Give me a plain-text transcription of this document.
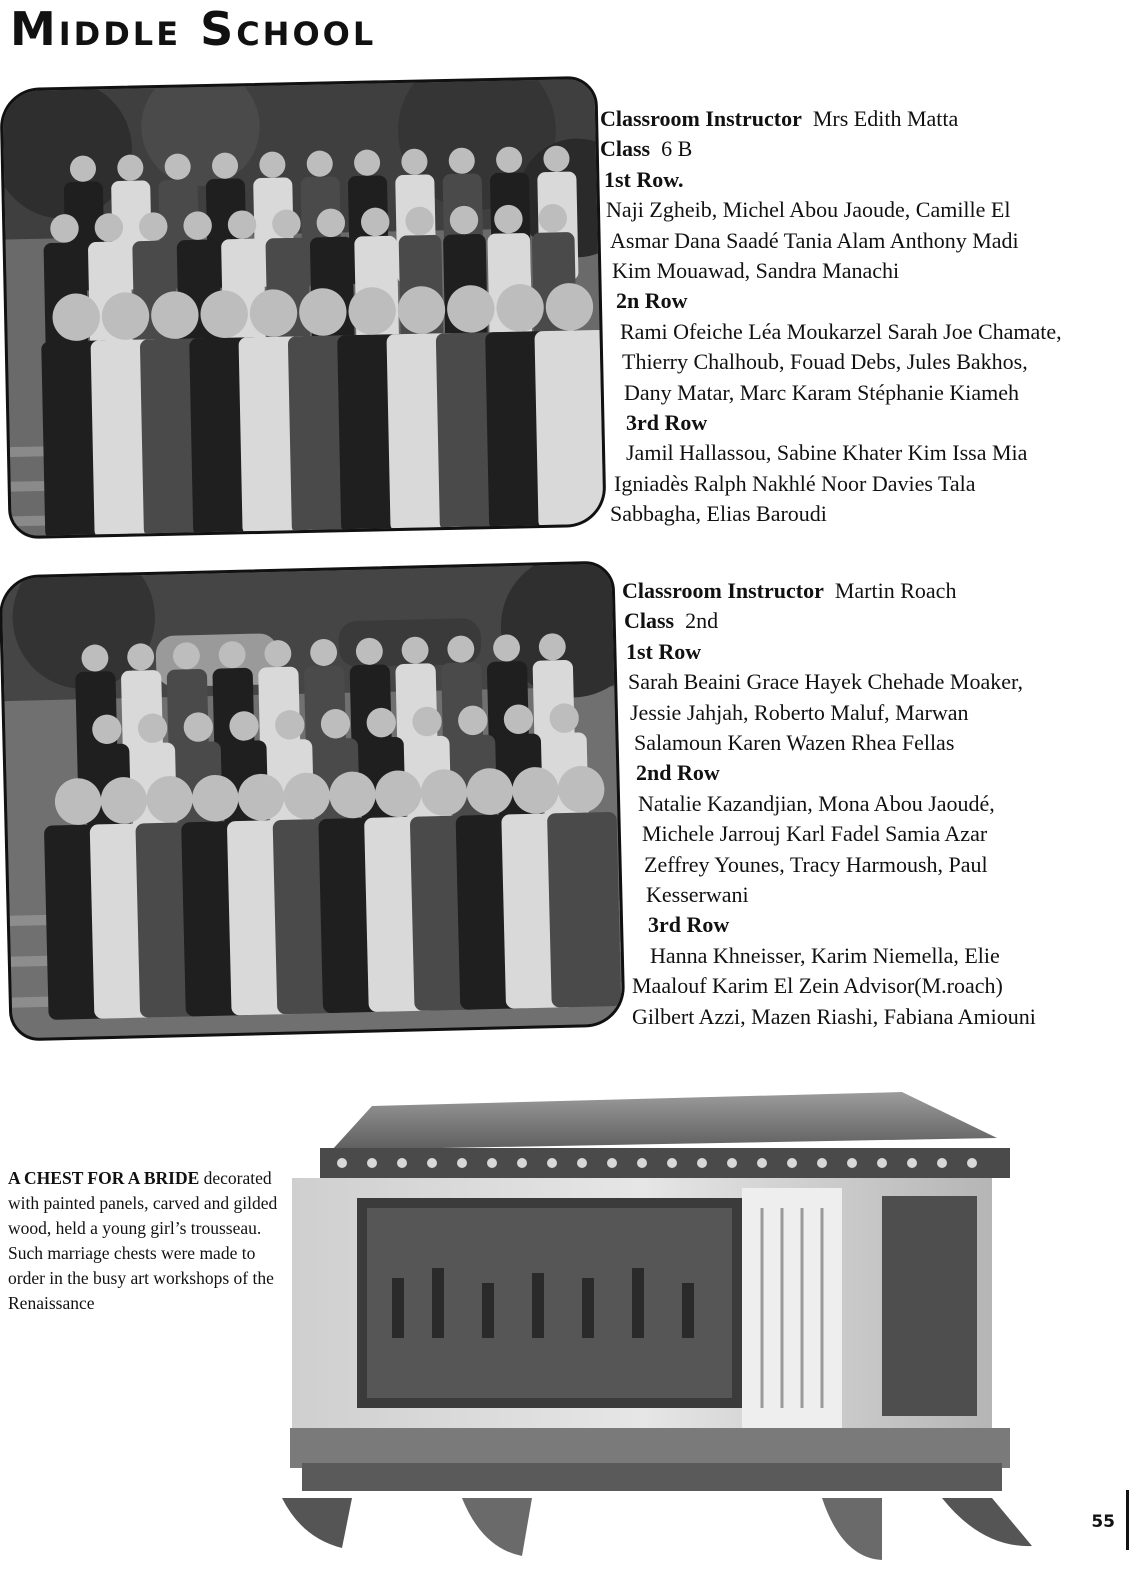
Middle School
Classroom Instructor Mrs Edith Matta
Class 6 B
1st Row.
Naji Zgheib, Michel Abou Jaoude, Camille El
Asmar Dana Saadé Tania Alam Anthony Madi
Kim Mouawad, Sandra Manachi
2n Row
Rami Ofeiche Léa Moukarzel Sarah Joe Chamate,
Thierry Chalhoub, Fouad Debs, Jules Bakhos,
Dany Matar, Marc Karam Stéphanie Kiameh
3rd Row
Jamil Hallassou, Sabine Khater Kim Issa Mia
Igniadès Ralph Nakhlé Noor Davies Tala
Sabbagha, Elias Baroudi
Classroom Instructor Martin Roach
Class 2nd
1st Row
Sarah Beaini Grace Hayek Chehade Moaker,
Jessie Jahjah, Roberto Maluf, Marwan
Salamoun Karen Wazen Rhea Fellas
2nd Row
Natalie Kazandjian, Mona Abou Jaoudé,
Michele Jarrouj Karl Fadel Samia Azar
Zeffrey Younes, Tracy Harmoush, Paul
Kesserwani
3rd Row
Hanna Khneisser, Karim Niemella, Elie
Maalouf Karim El Zein Advisor(M.roach)
Gilbert Azzi, Mazen Riashi, Fabiana Amiouni
A CHEST FOR A BRIDE decorated with painted panels, carved and gilded wood, held a young girl’s trousseau. Such marriage chests were made to order in the busy art workshops of the Renaissance
55
